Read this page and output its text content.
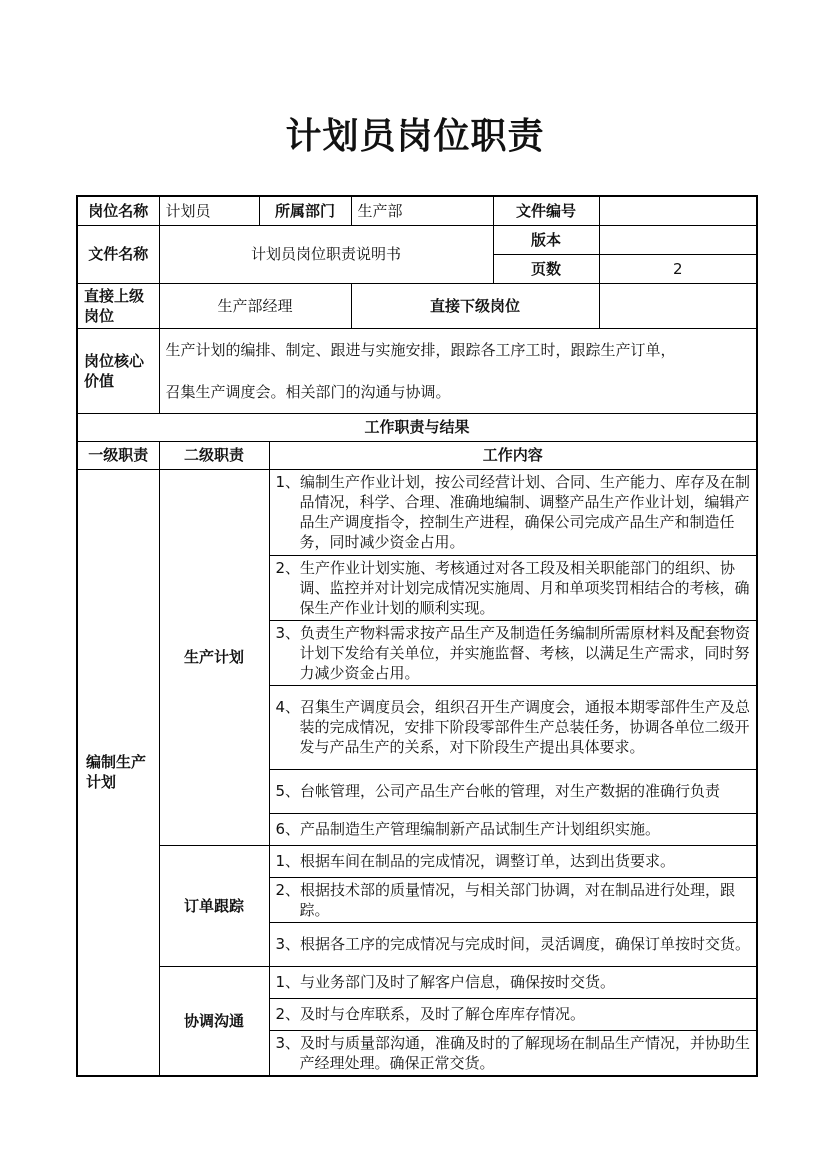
计划员岗位职责
岗位名称	计划员	所属部门		生产部	文件编号	
文件名称	计划员岗位职责说明书				版本	
					页数	2
直接上级岗位	生产部经理			直接下级岗位		
岗位核心价值	生产计划的编排、制定、跟进与实施安排，跟踪各工序工时，跟踪生产订单，

召集生产调度会。相关部门的沟通与协调。					

工作职责与结果						
一级职责	二级职责		工作内容			
编制生产计划	生产计划		1、编制生产作业计划，按公司经营计划、合同、生产能力、库存及在制品情况，科学、合理、准确地编制、调整产品生产作业计划，编辑产品生产调度指令，控制生产进程，确保公司完成产品生产和制造任务，同时减少资金占用。			
			2、生产作业计划实施、考核通过对各工段及相关职能部门的组织、协调、监控并对计划完成情况实施周、月和单项奖罚相结合的考核，确保生产作业计划的顺利实现。			
			3、负责生产物料需求按产品生产及制造任务编制所需原材料及配套物资计划下发给有关单位，并实施监督、考核，以满足生产需求，同时努力减少资金占用。			
			4、召集生产调度员会，组织召开生产调度会，通报本期零部件生产及总装的完成情况，安排下阶段零部件生产总装任务，协调各单位二级开发与产品生产的关系，对下阶段生产提出具体要求。			
			5、台帐管理，公司产品生产台帐的管理，对生产数据的准确行负责			
			6、产品制造生产管理编制新产品试制生产计划组织实施。			
	订单跟踪		1、根据车间在制品的完成情况，调整订单，达到出货要求。			
			2、根据技术部的质量情况，与相关部门协调，对在制品进行处理，跟踪。			
			3、根据各工序的完成情况与完成时间，灵活调度，确保订单按时交货。			
	协调沟通		1、与业务部门及时了解客户信息，确保按时交货。			
			2、及时与仓库联系，及时了解仓库库存情况。			
			3、及时与质量部沟通，准确及时的了解现场在制品生产情况，并协助生产经理处理。确保正常交货。			
